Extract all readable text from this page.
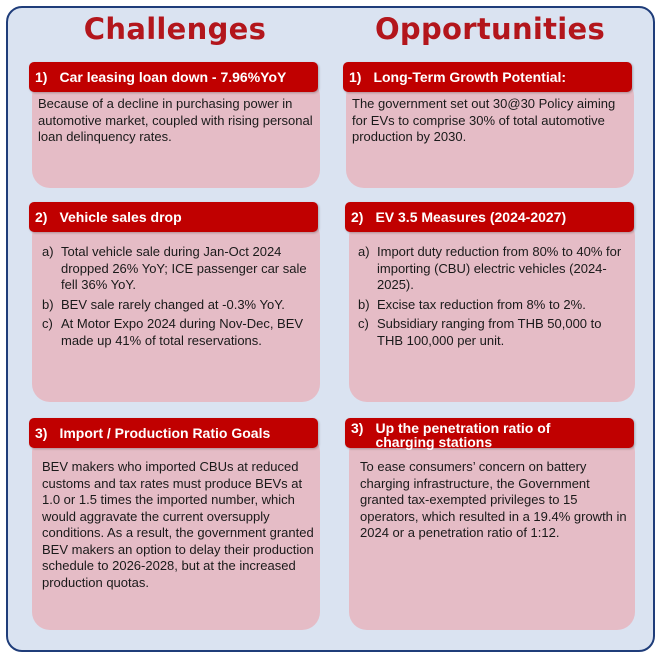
Challenges	Opportunities
1) Car leasing loan down - 7.96%YoY
Because of a decline in purchasing power in automotive market, coupled with rising personal loan delinquency rates.
2) Vehicle sales drop
a) Total vehicle sale during Jan-Oct 2024 dropped 26% YoY; ICE passenger car sale fell 36% YoY.
b) BEV sale rarely changed at -0.3% YoY.
c) At Motor Expo 2024 during Nov-Dec, BEV made up 41% of total reservations.
3) Import / Production Ratio Goals
BEV makers who imported CBUs at reduced customs and tax rates must produce BEVs at 1.0 or 1.5 times the imported number, which would aggravate the current oversupply conditions. As a result, the government granted BEV makers an option to delay their production schedule to 2026-2028, but at the increased production quotas.
1) Long-Term Growth Potential:
The government set out 30@30 Policy aiming for EVs to comprise 30% of total automotive production by 2030.
2) EV 3.5 Measures (2024-2027)
a) Import duty reduction from 80% to 40% for importing (CBU) electric vehicles (2024-2025).
b) Excise tax reduction from 8% to 2%.
c) Subsidiary ranging from THB 50,000 to THB 100,000 per unit.
3) Up the penetration ratio of
charging stations
To ease consumers’ concern on battery charging infrastructure, the Government granted tax-exempted privileges to 15 operators, which resulted in a 19.4% growth in 2024 or a penetration ratio of 1:12.
